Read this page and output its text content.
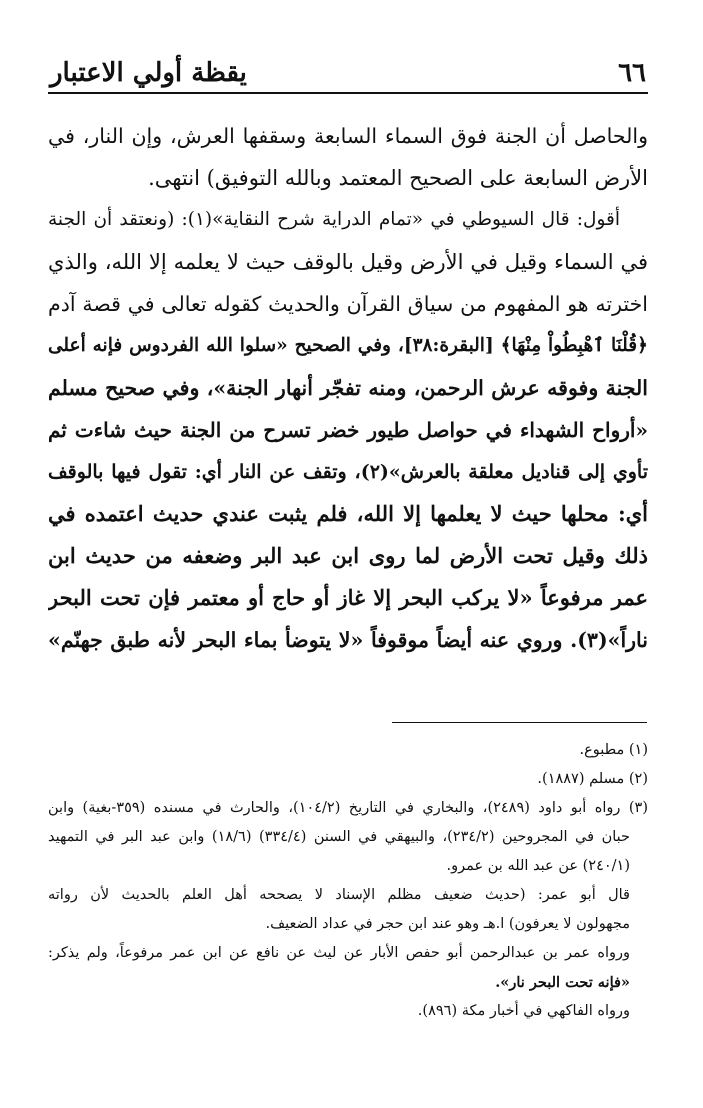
٦٦
يقظة أولي الاعتبار
والحاصل أن الجنة فوق السماء السابعة وسقفها العرش، وإن النار، في
الأرض السابعة على الصحيح المعتمد وبالله التوفيق) انتهى.
أقول: قال السيوطي في «تمام الدراية شرح النقاية»(١): (ونعتقد أن الجنة
في السماء وقيل في الأرض وقيل بالوقف حيث لا يعلمه إلا الله، والذي
اخترته هو المفهوم من سياق القرآن والحديث كقوله تعالى في قصة آدم
﴿قُلْنَا ٱهْبِطُواْ مِنْهَا﴾ [البقرة:٣٨]، وفي الصحيح «سلوا الله الفردوس فإنه أعلى
الجنة وفوقه عرش الرحمن، ومنه تفجّر أنهار الجنة»، وفي صحيح مسلم
«أرواح الشهداء في حواصل طيور خضر تسرح من الجنة حيث شاءت ثم
تأوي إلى قناديل معلقة بالعرش»(٢)، وتقف عن النار أي: تقول فيها بالوقف
أي: محلها حيث لا يعلمها إلا الله، فلم يثبت عندي حديث اعتمده في
ذلك وقيل تحت الأرض لما روى ابن عبد البر وضعفه من حديث ابن
عمر مرفوعاً «لا يركب البحر إلا غاز أو حاج أو معتمر فإن تحت البحر
ناراً»(٣). وروي عنه أيضاً موقوفاً «لا يتوضأ بماء البحر لأنه طبق جهنّم»
(١) مطبوع.
(٢) مسلم (١٨٨٧).
(٣) رواه أبو داود (٢٤٨٩)، والبخاري في التاريخ (١٠٤/٢)، والحارث في مسنده (٣٥٩-بغية) وابن
حبان في المجروحين (٢٣٤/٢)، والبيهقي في السنن (٣٣٤/٤) (١٨/٦) وابن عبد البر في التمهيد
(٢٤٠/١) عن عبد الله بن عمرو.
قال أبو عمر: (حديث ضعيف مظلم الإسناد لا يصححه أهل العلم بالحديث لأن رواته
مجهولون لا يعرفون) ا.هـ وهو عند ابن حجر في عداد الضعيف.
ورواه عمر بن عبدالرحمن أبو حفص الأبار عن ليث عن نافع عن ابن عمر مرفوعاً، ولم يذكر:
«فإنه تحت البحر نار».
ورواه الفاكهي في أخبار مكة (٨٩٦).
